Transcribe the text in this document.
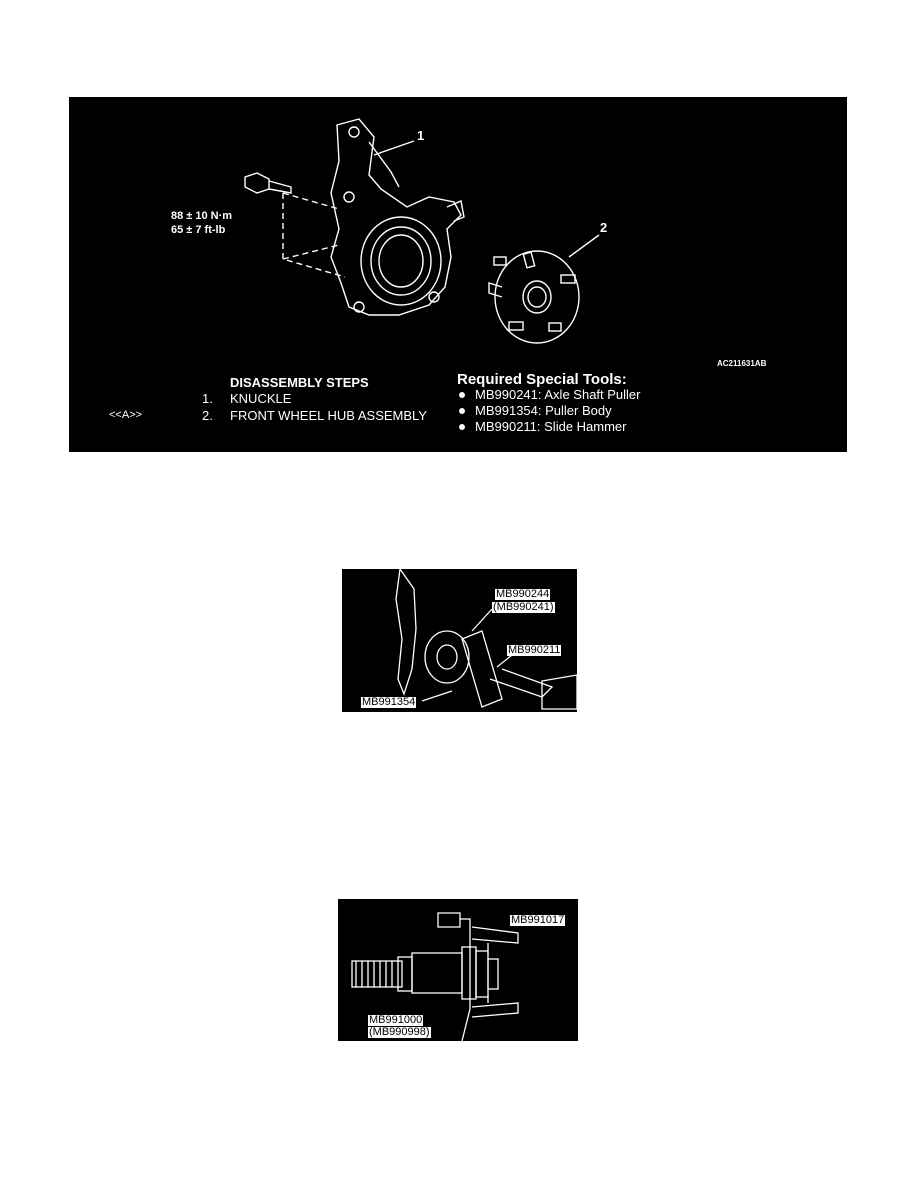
1
2
88 ± 10 N·m
65 ± 7 ft-lb
AC211631AB
DISASSEMBLY STEPS
1. KNUCKLE
<<A>>	2. FRONT WHEEL HUB ASSEMBLY
Required Special Tools:
MB990241: Axle Shaft Puller
MB991354: Puller Body
MB990211: Slide Hammer
MB990244
(MB990241)
MB990211
MB991354
MB991017
MB991000
(MB990998)
